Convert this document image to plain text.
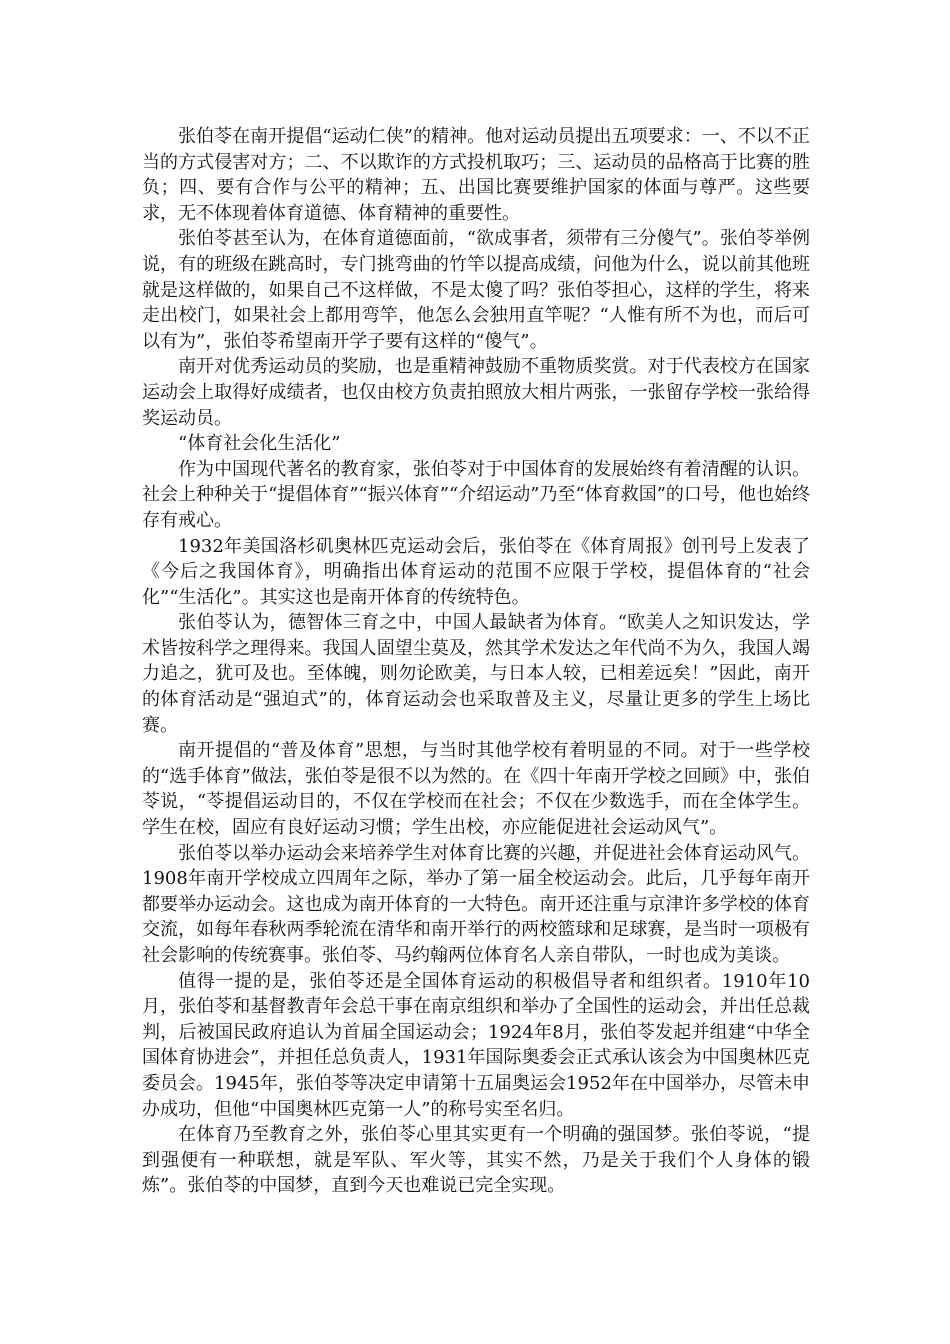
张伯苓在南开提倡“运动仁侠”的精神。他对运动员提出五项要求：一、不以不正当的方式侵害对方；二、不以欺诈的方式投机取巧；三、运动员的品格高于比赛的胜负；四、要有合作与公平的精神；五、出国比赛要维护国家的体面与尊严。这些要求，无不体现着体育道德、体育精神的重要性。

张伯苓甚至认为，在体育道德面前，“欲成事者，须带有三分傻气”。张伯苓举例说，有的班级在跳高时，专门挑弯曲的竹竿以提高成绩，问他为什么，说以前其他班就是这样做的，如果自己不这样做，不是太傻了吗？张伯苓担心，这样的学生，将来走出校门，如果社会上都用弯竿，他怎么会独用直竿呢？“人惟有所不为也，而后可以有为”，张伯苓希望南开学子要有这样的“傻气”。

南开对优秀运动员的奖励，也是重精神鼓励不重物质奖赏。对于代表校方在国家运动会上取得好成绩者，也仅由校方负责拍照放大相片两张，一张留存学校一张给得奖运动员。

“体育社会化生活化”

作为中国现代著名的教育家，张伯苓对于中国体育的发展始终有着清醒的认识。社会上种种关于“提倡体育”“振兴体育”“介绍运动”乃至“体育救国”的口号，他也始终存有戒心。

1932年美国洛杉矶奥林匹克运动会后，张伯苓在《体育周报》创刊号上发表了《今后之我国体育》，明确指出体育运动的范围不应限于学校，提倡体育的“社会化”“生活化”。其实这也是南开体育的传统特色。

张伯苓认为，德智体三育之中，中国人最缺者为体育。“欧美人之知识发达，学术皆按科学之理得来。我国人固望尘莫及，然其学术发达之年代尚不为久，我国人竭力追之，犹可及也。至体魄，则勿论欧美，与日本人较，已相差远矣！”因此，南开的体育活动是“强迫式”的，体育运动会也采取普及主义，尽量让更多的学生上场比赛。

南开提倡的“普及体育”思想，与当时其他学校有着明显的不同。对于一些学校的“选手体育”做法，张伯苓是很不以为然的。在《四十年南开学校之回顾》中，张伯苓说，“苓提倡运动目的，不仅在学校而在社会；不仅在少数选手，而在全体学生。学生在校，固应有良好运动习惯；学生出校，亦应能促进社会运动风气”。

张伯苓以举办运动会来培养学生对体育比赛的兴趣，并促进社会体育运动风气。1908年南开学校成立四周年之际，举办了第一届全校运动会。此后，几乎每年南开都要举办运动会。这也成为南开体育的一大特色。南开还注重与京津许多学校的体育交流，如每年春秋两季轮流在清华和南开举行的两校篮球和足球赛，是当时一项极有社会影响的传统赛事。张伯苓、马约翰两位体育名人亲自带队，一时也成为美谈。

值得一提的是，张伯苓还是全国体育运动的积极倡导者和组织者。1910年10月，张伯苓和基督教青年会总干事在南京组织和举办了全国性的运动会，并出任总裁判，后被国民政府追认为首届全国运动会；1924年8月，张伯苓发起并组建“中华全国体育协进会”，并担任总负责人，1931年国际奥委会正式承认该会为中国奥林匹克委员会。1945年，张伯苓等决定申请第十五届奥运会1952年在中国举办，尽管未申办成功，但他“中国奥林匹克第一人”的称号实至名归。

在体育乃至教育之外，张伯苓心里其实更有一个明确的强国梦。张伯苓说，“提到强便有一种联想，就是军队、军火等，其实不然，乃是关于我们个人身体的锻炼”。张伯苓的中国梦，直到今天也难说已完全实现。
